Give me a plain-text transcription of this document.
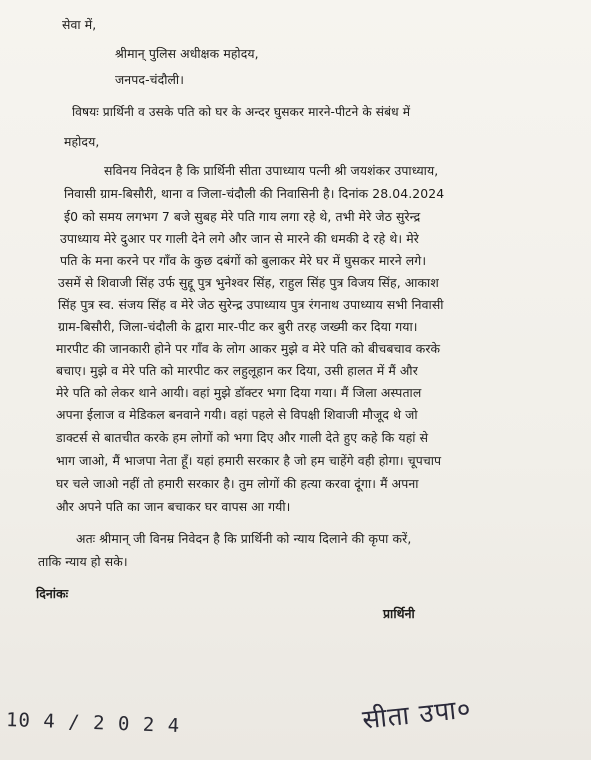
सेवा में,
श्रीमान् पुलिस अधीक्षक महोदय,
जनपद-चंदौली।
विषयः प्रार्थिनी व उसके पति को घर के अन्दर घुसकर मारने-पीटने के संबंध में
महोदय,
सविनय निवेदन है कि प्रार्थिनी सीता उपाध्याय पत्नी श्री जयशंकर उपाध्याय,
निवासी ग्राम-बिसौरी, थाना व जिला-चंदौली की निवासिनी है। दिनांक 28.04.2024
ई0 को समय लगभग 7 बजे सुबह मेरे पति गाय लगा रहे थे, तभी मेरे जेठ सुरेन्द्र
उपाध्याय मेरे दुआर पर गाली देने लगे और जान से मारने की धमकी दे रहे थे। मेरे
पति के मना करने पर गाँव के कुछ दबंगों को बुलाकर मेरे घर में घुसकर मारने लगे।
उसमें से शिवाजी सिंह उर्फ सुद्दू पुत्र भुनेश्वर सिंह, राहुल सिंह पुत्र विजय सिंह, आकाश
सिंह पुत्र स्व. संजय सिंह व मेरे जेठ सुरेन्द्र उपाध्याय पुत्र रंगनाथ उपाध्याय सभी निवासी
ग्राम-बिसौरी, जिला-चंदौली के द्वारा मार-पीट कर बुरी तरह जख्मी कर दिया गया।
मारपीट की जानकारी होने पर गाँव के लोग आकर मुझे व मेरे पति को बीचबचाव करके
बचाए। मुझे व मेरे पति को मारपीट कर लहुलूहान कर दिया, उसी हालत में मैं और
मेरे पति को लेकर थाने आयी। वहां मुझे डॉक्टर भगा दिया गया। मैं जिला अस्पताल
अपना ईलाज व मेडिकल बनवाने गयी। वहां पहले से विपक्षी शिवाजी मौजूद थे जो
डाक्टर्स से बातचीत करके हम लोगों को भगा दिए और गाली देते हुए कहे कि यहां से
भाग जाओ, मैं भाजपा नेता हूँ। यहां हमारी सरकार है जो हम चाहेंगे वही होगा। चूपचाप
घर चले जाओ नहीं तो हमारी सरकार है। तुम लोगों की हत्या करवा दूंगा। मैं अपना
और अपने पति का जान बचाकर घर वापस आ गयी।
अतः श्रीमान् जी विनम्र निवेदन है कि प्रार्थिनी को न्याय दिलाने की कृपा करें,
ताकि न्याय हो सके।
दिनांकः
प्रार्थिनी
10 4 / 2 0 2 4	सीता उपा०
